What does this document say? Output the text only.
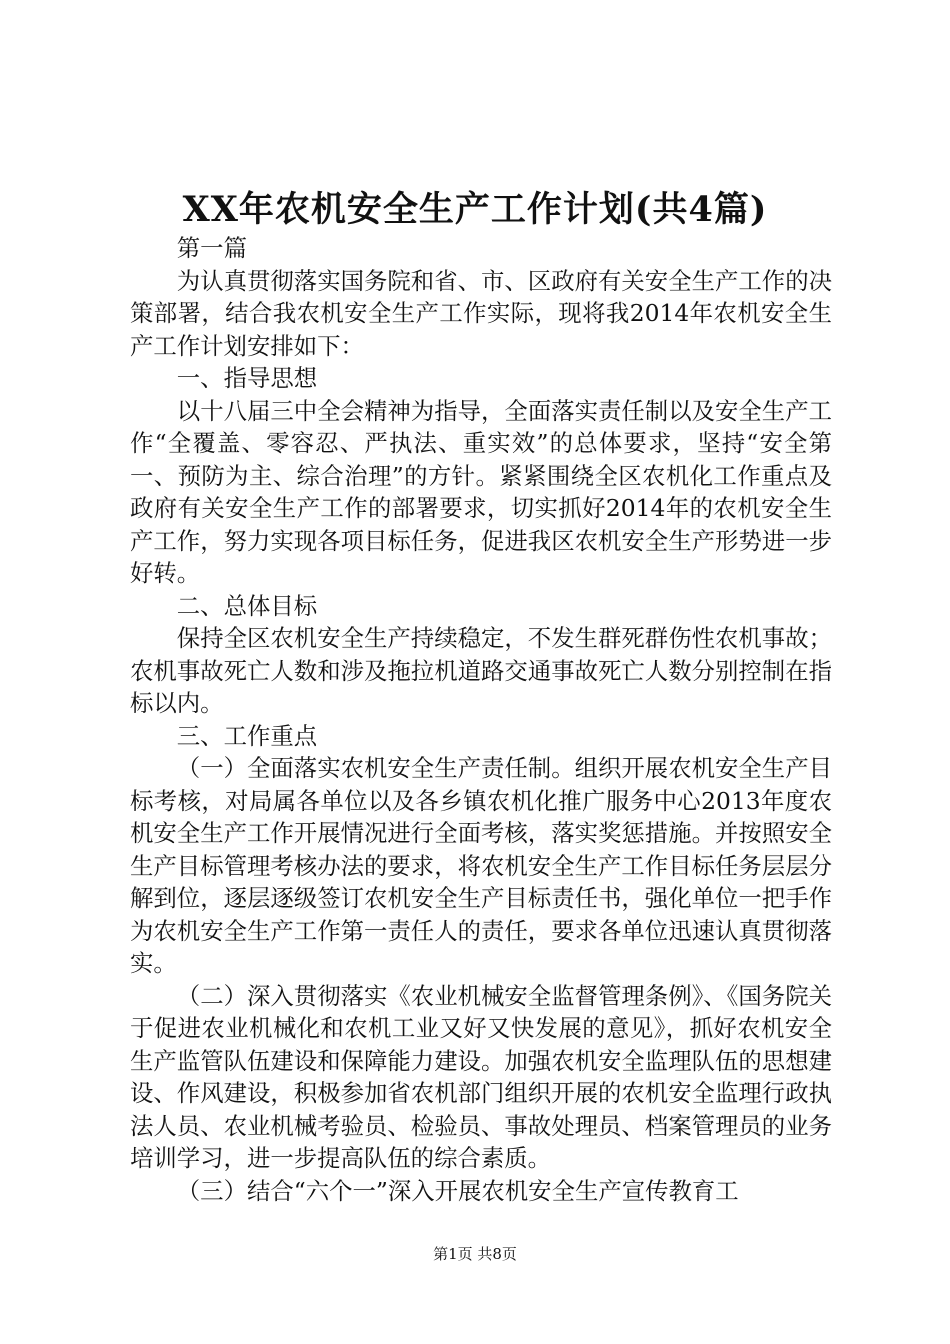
XX年农机安全生产工作计划(共4篇)

第一篇

为认真贯彻落实国务院和省、市、区政府有关安全生产工作的决策部署，结合我农机安全生产工作实际，现将我2014年农机安全生产工作计划安排如下：

一、指导思想

以十八届三中全会精神为指导，全面落实责任制以及安全生产工作“全覆盖、零容忍、严执法、重实效”的总体要求，坚持“安全第一、预防为主、综合治理”的方针。紧紧围绕全区农机化工作重点及政府有关安全生产工作的部署要求，切实抓好2014年的农机安全生产工作，努力实现各项目标任务，促进我区农机安全生产形势进一步好转。

二、总体目标

保持全区农机安全生产持续稳定，不发生群死群伤性农机事故；农机事故死亡人数和涉及拖拉机道路交通事故死亡人数分别控制在指标以内。

三、工作重点

（一）全面落实农机安全生产责任制。组织开展农机安全生产目标考核，对局属各单位以及各乡镇农机化推广服务中心2013年度农机安全生产工作开展情况进行全面考核，落实奖惩措施。并按照安全生产目标管理考核办法的要求，将农机安全生产工作目标任务层层分解到位，逐层逐级签订农机安全生产目标责任书，强化单位一把手作为农机安全生产工作第一责任人的责任，要求各单位迅速认真贯彻落实。

（二）深入贯彻落实《农业机械安全监督管理条例》、《国务院关于促进农业机械化和农机工业又好又快发展的意见》，抓好农机安全生产监管队伍建设和保障能力建设。加强农机安全监理队伍的思想建设、作风建设，积极参加省农机部门组织开展的农机安全监理行政执法人员、农业机械考验员、检验员、事故处理员、档案管理员的业务培训学习，进一步提高队伍的综合素质。

（三）结合“六个一”深入开展农机安全生产宣传教育工

第1页 共8页
